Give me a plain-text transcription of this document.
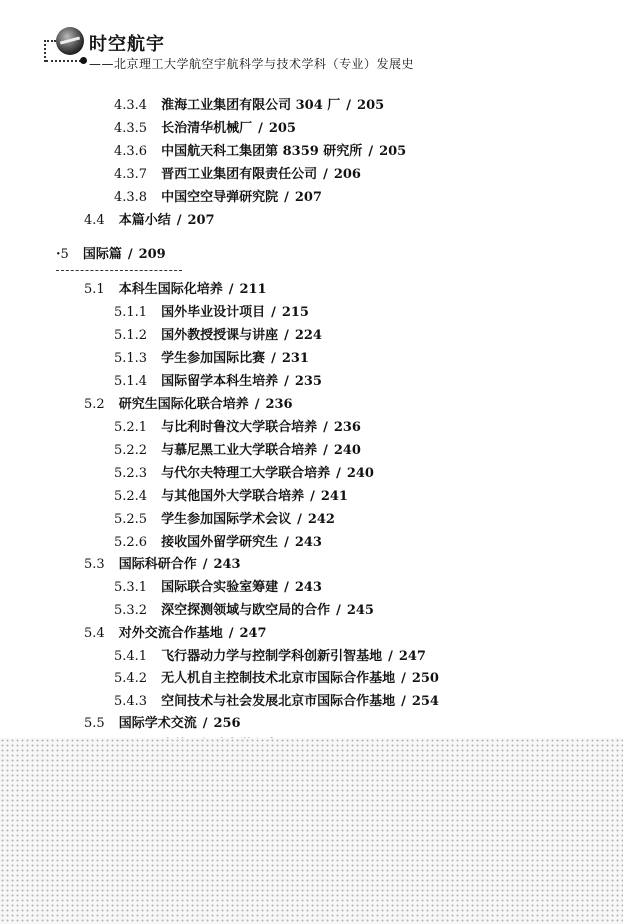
时空航宇
——北京理工大学航空宇航科学与技术学科（专业）发展史
4.3.4 淮海工业集团有限公司 304 厂 / 205
4.3.5 长治清华机械厂 / 205
4.3.6 中国航天科工集团第 8359 研究所 / 205
4.3.7 晋西工业集团有限责任公司 / 206
4.3.8 中国空空导弹研究院 / 207
4.4 本篇小结 / 207
·5 国际篇 / 209
5.1 本科生国际化培养 / 211
5.1.1 国外毕业设计项目 / 215
5.1.2 国外教授授课与讲座 / 224
5.1.3 学生参加国际比赛 / 231
5.1.4 国际留学本科生培养 / 235
5.2 研究生国际化联合培养 / 236
5.2.1 与比利时鲁汶大学联合培养 / 236
5.2.2 与慕尼黑工业大学联合培养 / 240
5.2.3 与代尔夫特理工大学联合培养 / 240
5.2.4 与其他国外大学联合培养 / 241
5.2.5 学生参加国际学术会议 / 242
5.2.6 接收国外留学研究生 / 243
5.3 国际科研合作 / 243
5.3.1 国际联合实验室筹建 / 243
5.3.2 深空探测领域与欧空局的合作 / 245
5.4 对外交流合作基地 / 247
5.4.1 飞行器动力学与控制学科创新引智基地 / 247
5.4.2 无人机自主控制技术北京市国际合作基地 / 250
5.4.3 空间技术与社会发展北京市国际合作基地 / 254
5.5 国际学术交流 / 256
